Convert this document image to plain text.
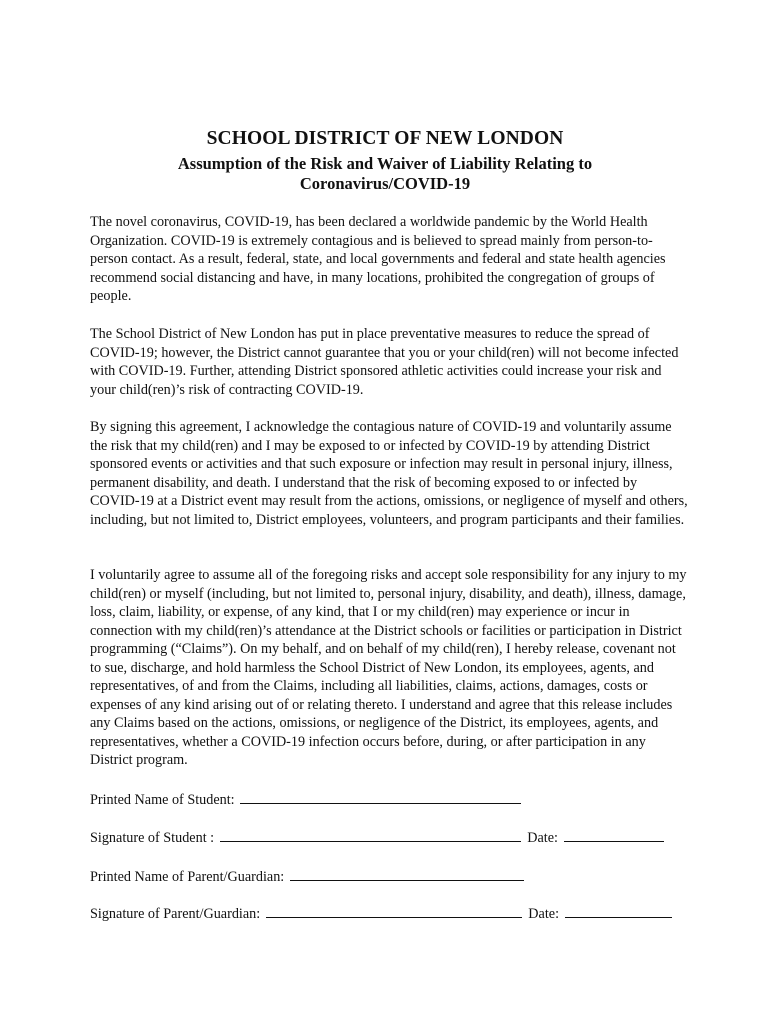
SCHOOL DISTRICT OF NEW LONDON
Assumption of the Risk and Waiver of Liability Relating to
Coronavirus/COVID-19

The novel coronavirus, COVID-19, has been declared a worldwide pandemic by the World Health Organization. COVID-19 is extremely contagious and is believed to spread mainly from person-to-person contact. As a result, federal, state, and local governments and federal and state health agencies recommend social distancing and have, in many locations, prohibited the congregation of groups of people.

The School District of New London has put in place preventative measures to reduce the spread of COVID-19; however, the District cannot guarantee that you or your child(ren) will not become infected with COVID-19. Further, attending District sponsored athletic activities could increase your risk and your child(ren)’s risk of contracting COVID-19.

By signing this agreement, I acknowledge the contagious nature of COVID-19 and voluntarily assume the risk that my child(ren) and I may be exposed to or infected by COVID-19 by attending District sponsored events or activities and that such exposure or infection may result in personal injury, illness, permanent disability, and death. I understand that the risk of becoming exposed to or infected by COVID-19 at a District event may result from the actions, omissions, or negligence of myself and others, including, but not limited to, District employees, volunteers, and program participants and their families.

I voluntarily agree to assume all of the foregoing risks and accept sole responsibility for any injury to my child(ren) or myself (including, but not limited to, personal injury, disability, and death), illness, damage, loss, claim, liability, or expense, of any kind, that I or my child(ren) may experience or incur in connection with my child(ren)’s attendance at the District schools or facilities or participation in District programming (“Claims”). On my behalf, and on behalf of my child(ren), I hereby release, covenant not to sue, discharge, and hold harmless the School District of New London, its employees, agents, and representatives, of and from the Claims, including all liabilities, claims, actions, damages, costs or expenses of any kind arising out of or relating thereto. I understand and agree that this release includes any Claims based on the actions, omissions, or negligence of the District, its employees, agents, and representatives, whether a COVID-19 infection occurs before, during, or after participation in any District program.

Printed Name of Student:
Signature of Student :	Date:
Printed Name of Parent/Guardian:
Signature of Parent/Guardian:	Date:
